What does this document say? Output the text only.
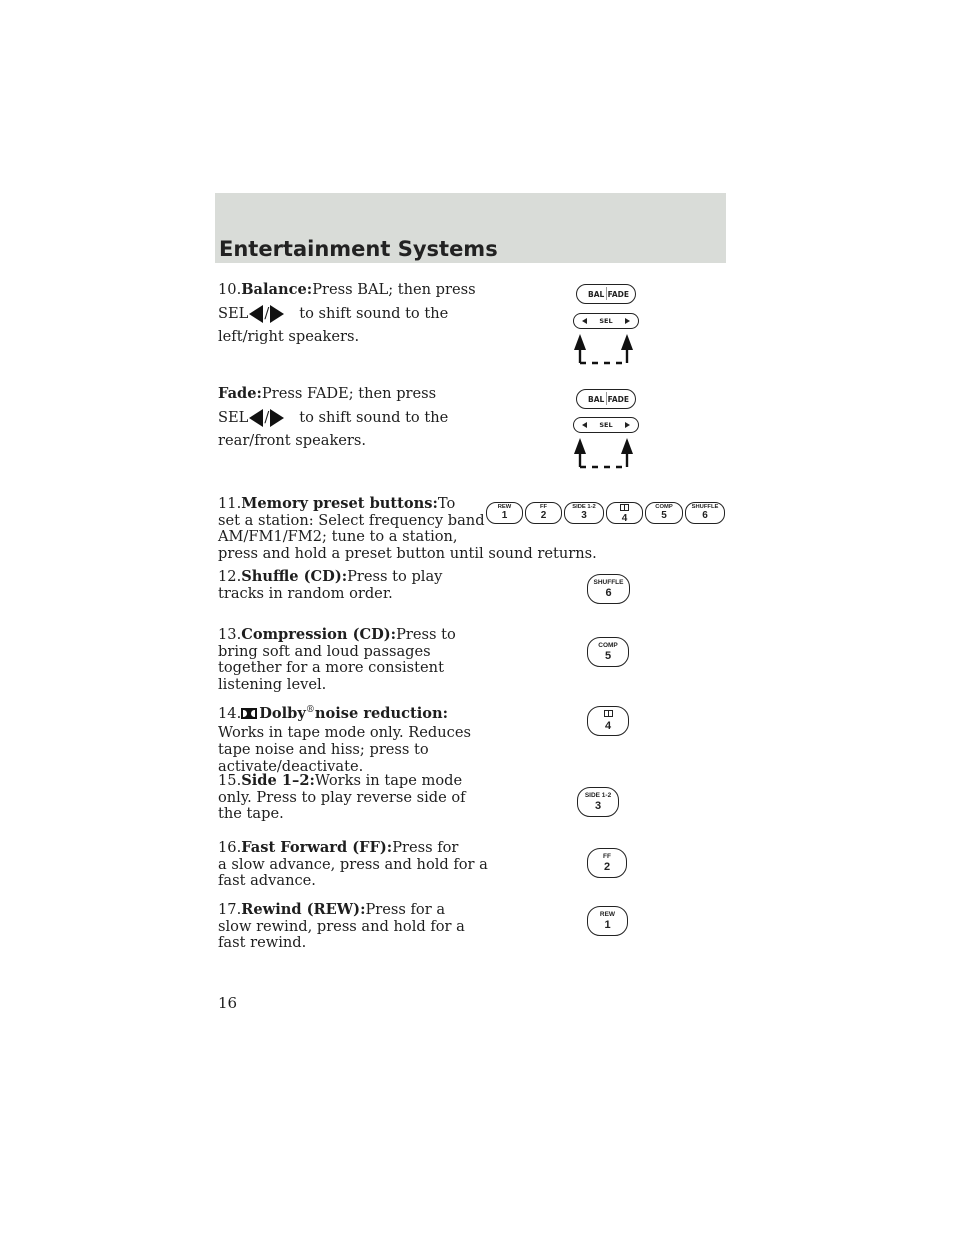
Entertainment Systems
10.Balance:Press BAL; then press
SEL / to shift sound to the
left/right speakers.
BAL FADE
SEL
Fade:Press FADE; then press
SEL / to shift sound to the
rear/front speakers.
BAL FADE
SEL
11.Memory preset buttons:To
set a station: Select frequency band
AM/FM1/FM2; tune to a station,
press and hold a preset button until sound returns.
REW
1
FF
2
SIDE 1-2
3	4
COMP
5
SHUFFLE
6
12.Shuffle (CD):Press to play
tracks in random order.
SHUFFLE
6
13.Compression (CD):Press to
bring soft and loud passages
together for a more consistent
listening level.
COMP
5
14. Dolby®noise reduction:
Works in tape mode only. Reduces
tape noise and hiss; press to
activate/deactivate.
4
15.Side 1–2:Works in tape mode
only. Press to play reverse side of
the tape.
SIDE 1-2
3
16.Fast Forward (FF):Press for
a slow advance, press and hold for a
fast advance.
FF
2
17.Rewind (REW):Press for a
slow rewind, press and hold for a
fast rewind.
REW
1
16
